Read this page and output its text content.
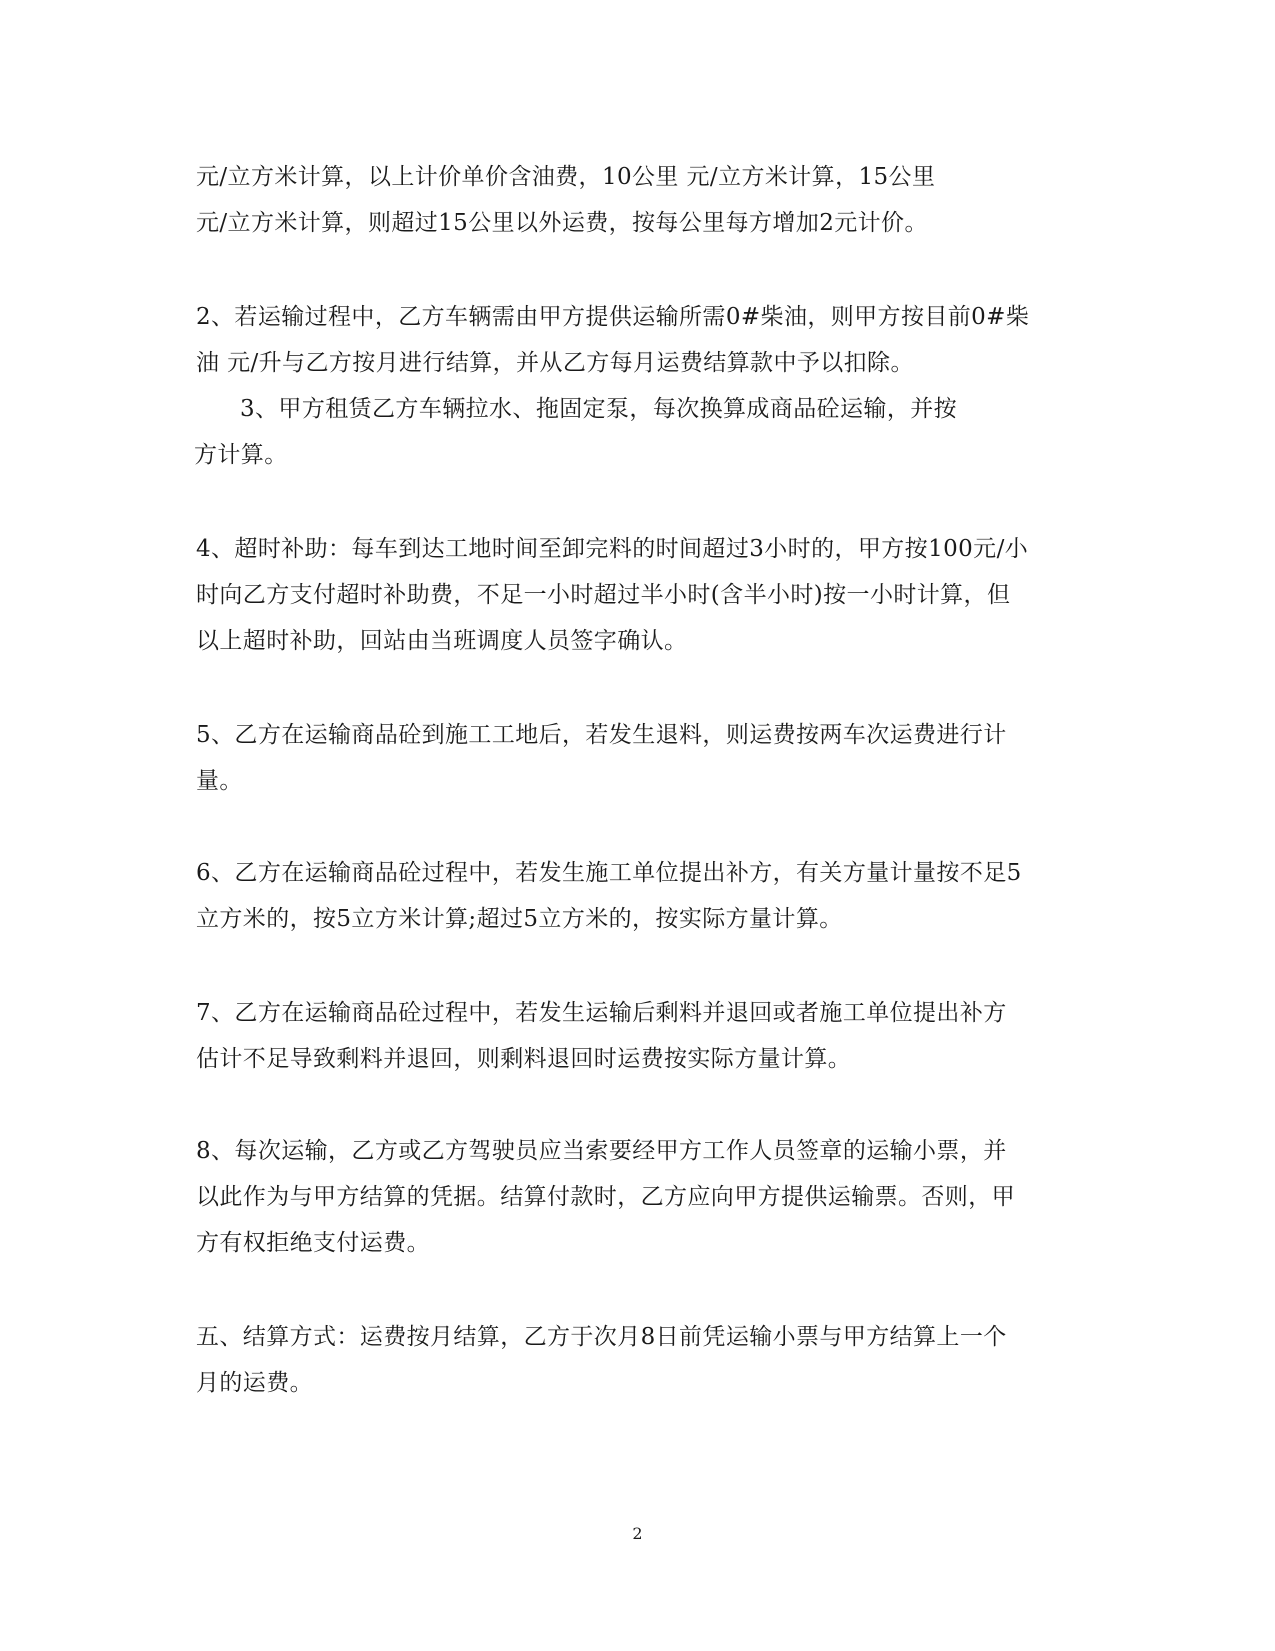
元/立方米计算，以上计价单价含油费，10公里 元/立方米计算，15公里
元/立方米计算，则超过15公里以外运费，按每公里每方增加2元计价。
2、若运输过程中，乙方车辆需由甲方提供运输所需0#柴油，则甲方按目前0#柴
油 元/升与乙方按月进行结算，并从乙方每月运费结算款中予以扣除。
3、甲方租赁乙方车辆拉水、拖固定泵，每次换算成商品砼运输，并按
方计算。
4、超时补助：每车到达工地时间至卸完料的时间超过3小时的，甲方按100元/小
时向乙方支付超时补助费，不足一小时超过半小时(含半小时)按一小时计算，但
以上超时补助，回站由当班调度人员签字确认。
5、乙方在运输商品砼到施工工地后，若发生退料，则运费按两车次运费进行计
量。
6、乙方在运输商品砼过程中，若发生施工单位提出补方，有关方量计量按不足5
立方米的，按5立方米计算;超过5立方米的，按实际方量计算。
7、乙方在运输商品砼过程中，若发生运输后剩料并退回或者施工单位提出补方
估计不足导致剩料并退回，则剩料退回时运费按实际方量计算。
8、每次运输，乙方或乙方驾驶员应当索要经甲方工作人员签章的运输小票，并
以此作为与甲方结算的凭据。结算付款时，乙方应向甲方提供运输票。否则，甲
方有权拒绝支付运费。
五、结算方式：运费按月结算，乙方于次月8日前凭运输小票与甲方结算上一个
月的运费。
2
